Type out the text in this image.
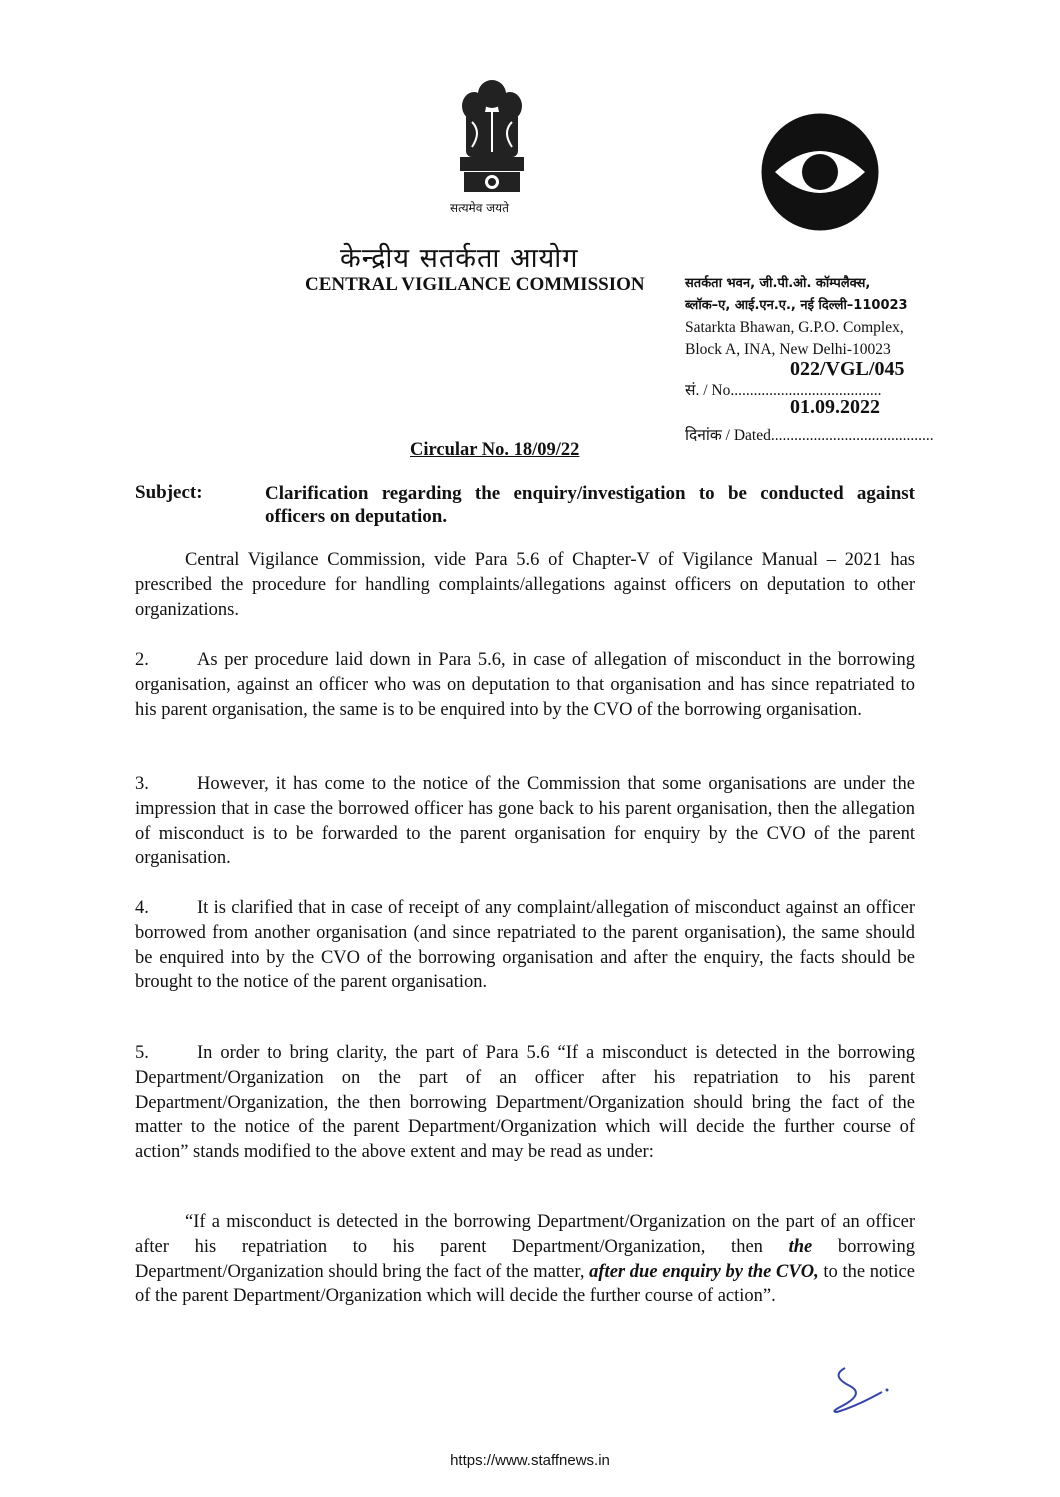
सत्यमेव जयते
केन्द्रीय सतर्कता आयोग
CENTRAL VIGILANCE COMMISSION	सतर्कता भवन, जी.पी.ओ. कॉम्पलैक्स,
ब्लॉक–ए, आई.एन.ए., नई दिल्ली–110023
Satarkta Bhawan, G.P.O. Complex,
Block A, INA, New Delhi-10023
022/VGL/045
सं. / No.......................................
01.09.2022
दिनांक / Dated..........................................
Circular No. 18/09/22
Subject:	Clarification regarding the enquiry/investigation to be conducted against officers on deputation.
Central Vigilance Commission, vide Para 5.6 of Chapter-V of Vigilance Manual – 2021 has prescribed the procedure for handling complaints/allegations against officers on deputation to other organizations.
2.	As per procedure laid down in Para 5.6, in case of allegation of misconduct in the borrowing organisation, against an officer who was on deputation to that organisation and has since repatriated to his parent organisation, the same is to be enquired into by the CVO of the borrowing organisation.
3.	However, it has come to the notice of the Commission that some organisations are under the impression that in case the borrowed officer has gone back to his parent organisation, then the allegation of misconduct is to be forwarded to the parent organisation for enquiry by the CVO of the parent organisation.
4.	It is clarified that in case of receipt of any complaint/allegation of misconduct against an officer borrowed from another organisation (and since repatriated to the parent organisation), the same should be enquired into by the CVO of the borrowing organisation and after the enquiry, the facts should be brought to the notice of the parent organisation.
5.	In order to bring clarity, the part of Para 5.6 “If a misconduct is detected in the borrowing Department/Organization on the part of an officer after his repatriation to his parent Department/Organization, the then borrowing Department/Organization should bring the fact of the matter to the notice of the parent Department/Organization which will decide the further course of action” stands modified to the above extent and may be read as under:
“If a misconduct is detected in the borrowing Department/Organization on the part of an officer after his repatriation to his parent Department/Organization, then the borrowing Department/Organization should bring the fact of the matter, after due enquiry by the CVO, to the notice of the parent Department/Organization which will decide the further course of action”.
https://www.staffnews.in
